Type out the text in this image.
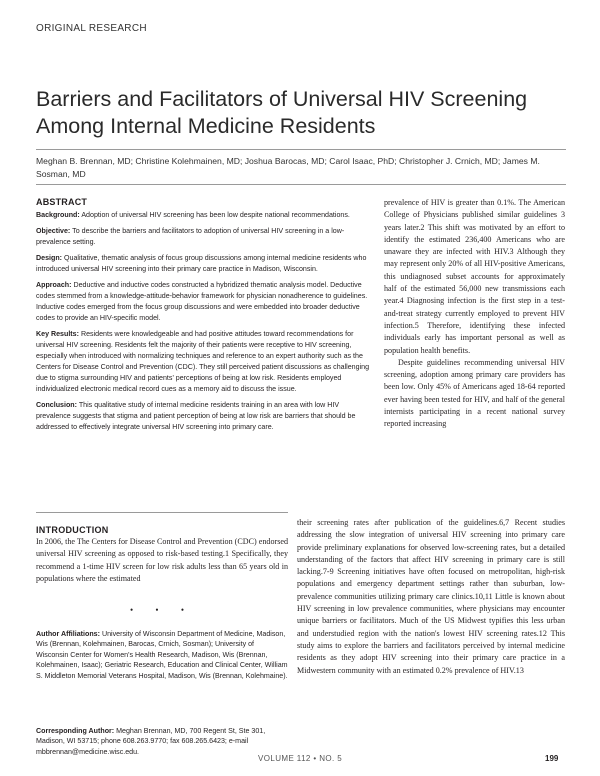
ORIGINAL RESEARCH
Barriers and Facilitators of Universal HIV Screening Among Internal Medicine Residents
Meghan B. Brennan, MD; Christine Kolehmainen, MD; Joshua Barocas, MD; Carol Isaac, PhD; Christopher J. Crnich, MD; James M. Sosman, MD
ABSTRACT

Background: Adoption of universal HIV screening has been low despite national recommendations.

Objective: To describe the barriers and facilitators to adoption of universal HIV screening in a low-prevalence setting.

Design: Qualitative, thematic analysis of focus group discussions among internal medicine residents who introduced universal HIV screening into their primary care practice in Madison, Wisconsin.

Approach: Deductive and inductive codes constructed a hybridized thematic analysis model. Deductive codes stemmed from a knowledge-attitude-behavior framework for physician nonadherence to guidelines. Inductive codes emerged from the focus group discussions and were embedded into broader deductive codes to provide an HIV-specific model.

Key Results: Residents were knowledgeable and had positive attitudes toward recommendations for universal HIV screening. Residents felt the majority of their patients were receptive to HIV screening, especially when introduced with normalizing techniques and reference to an expert authority such as the Centers for Disease Control and Prevention (CDC). They still perceived patient discussions as challenging due to stigma surrounding HIV and patients' perceptions of being at low risk. Residents employed individualized electronic medical record cues as a memory aid to discuss the issue.

Conclusion: This qualitative study of internal medicine residents training in an area with low HIV prevalence suggests that stigma and patient perception of being at low risk are barriers that should be addressed to effectively integrate universal HIV screening into primary care.

prevalence of HIV is greater than 0.1%. The American College of Physicians published similar guidelines 3 years later.2 This shift was motivated by an effort to identify the estimated 236,400 Americans who are unaware they are infected with HIV.3 Although they may represent only 20% of all HIV-positive Americans, this undiagnosed subset accounts for approximately half of the estimated 56,000 new transmissions each year.4 Diagnosing infection is the first step in a test-and-treat strategy currently employed to prevent HIV infection.5 Therefore, identifying these infected individuals early has important personal as well as population health benefits.

Despite guidelines recommending universal HIV screening, adoption among primary care providers has been low. Only 45% of Americans aged 18-64 reported ever having been tested for HIV, and half of the general internists participating in a recent national survey reported increasing

INTRODUCTION

In 2006, the The Centers for Disease Control and Prevention (CDC) endorsed universal HIV screening as opposed to risk-based testing.1 Specifically, they recommend a 1-time HIV screen for low risk adults less than 65 years old in populations where the estimated

• • •

Author Affiliations: University of Wisconsin Department of Medicine, Madison, Wis (Brennan, Kolehmainen, Barocas, Crnich, Sosman); University of Wisconsin Center for Women's Health Research, Madison, Wis (Brennan, Kolehmainen, Isaac); Geriatric Research, Education and Clinical Center, William S. Middleton Memorial Veterans Hospital, Madison, Wis (Brennan, Kolehmaine).

Corresponding Author: Meghan Brennan, MD, 700 Regent St, Ste 301, Madison, WI 53715; phone 608.263.9770; fax 608.265.6423; e-mail mbbrennan@medicine.wisc.edu.

their screening rates after publication of the guidelines.6,7 Recent studies addressing the slow integration of universal HIV screening into primary care provide preliminary explanations for observed low-screening rates, but a detailed understanding of the factors that affect HIV screening in primary care is still lacking.7-9 Screening initiatives have often focused on metropolitan, high-risk populations and emergency department settings rather than suburban, low-prevalence communities utilizing primary care clinics.10,11 Little is known about HIV screening in low prevalence communities, where physicians may encounter unique barriers or facilitators. Much of the US Midwest typifies this less urban and understudied region with the nation's lowest HIV screening rates.12 This study aims to explore the barriers and facilitators perceived by internal medicine residents as they adopt HIV screening into their primary care practice in a Midwestern community with an estimated 0.2% prevalence of HIV.13

VOLUME 112 • NO. 5	199
